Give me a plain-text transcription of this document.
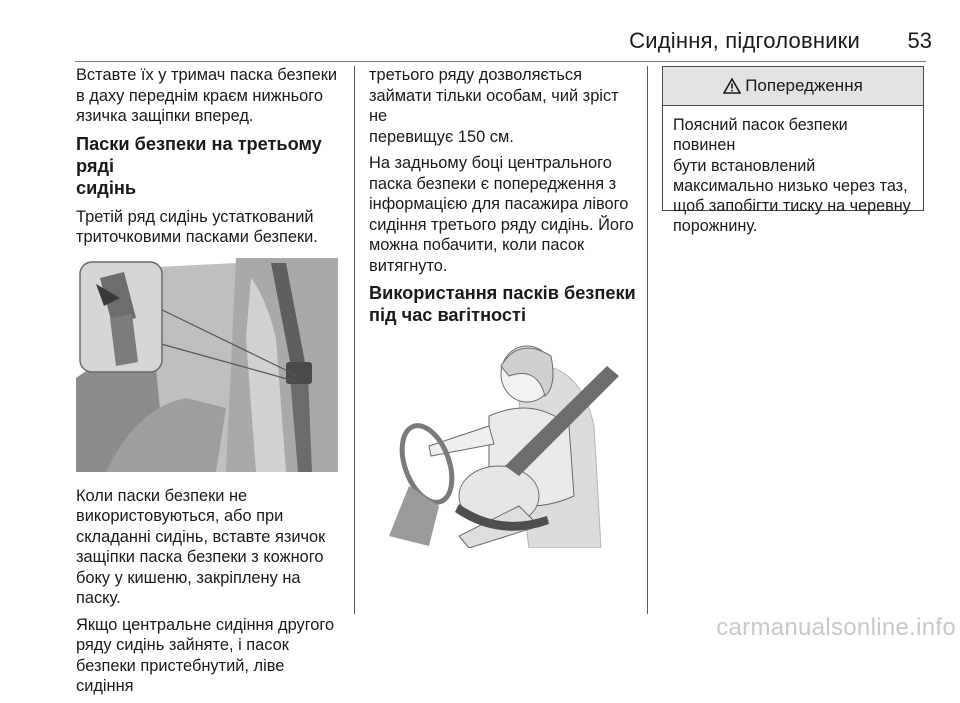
Сидіння, підголовники	53

Вставте їх у тримач паска безпеки
в даху переднім краєм нижнього
язичка защіпки вперед.

Паски безпеки на третьому ряді
сидінь

Третій ряд сидінь устаткований
триточковими пасками безпеки.

Коли паски безпеки не
використовуються, або при
складанні сидінь, вставте язичок
защіпки паска безпеки з кожного
боку у кишеню, закріплену на паску.

Якщо центральне сидіння другого
ряду сидінь зайняте, і пасок
безпеки пристебнутий, ліве сидіння

третього ряду дозволяється
займати тільки особам, чий зріст не
перевищує 150 см.

На задньому боці центрального
паска безпеки є попередження з
інформацією для пасажира лівого
сидіння третього ряду сидінь. Його
можна побачити, коли пасок
витягнуто.

Використання пасків безпеки
під час вагітності
Попередження
Поясний пасок безпеки повинен
бути встановлений
максимально низько через таз,
щоб запобігти тиску на черевну
порожнину.
carmanualsonline.info
